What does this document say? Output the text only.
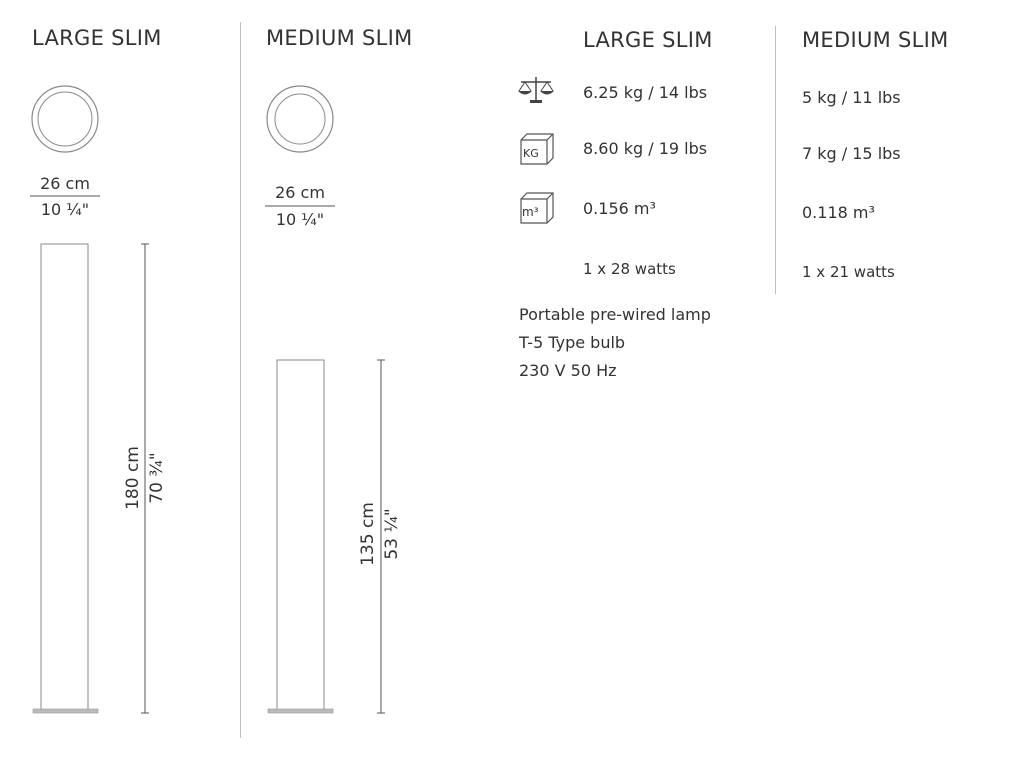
LARGE SLIM
26 cm
10 ¼"
MEDIUM SLIM
26 cm
10 ¼"
180 cm 70 ¾"
135 cm 53 ¼"
LARGE SLIM	MEDIUM SLIM
KG
m³
6.25 kg / 14 lbs
8.60 kg / 19 lbs
0.156 m³
1 x 28 watts
5 kg / 11 lbs
7 kg / 15 lbs
0.118 m³
1 x 21 watts
Portable pre-wired lamp
T-5 Type bulb
230 V 50 Hz
